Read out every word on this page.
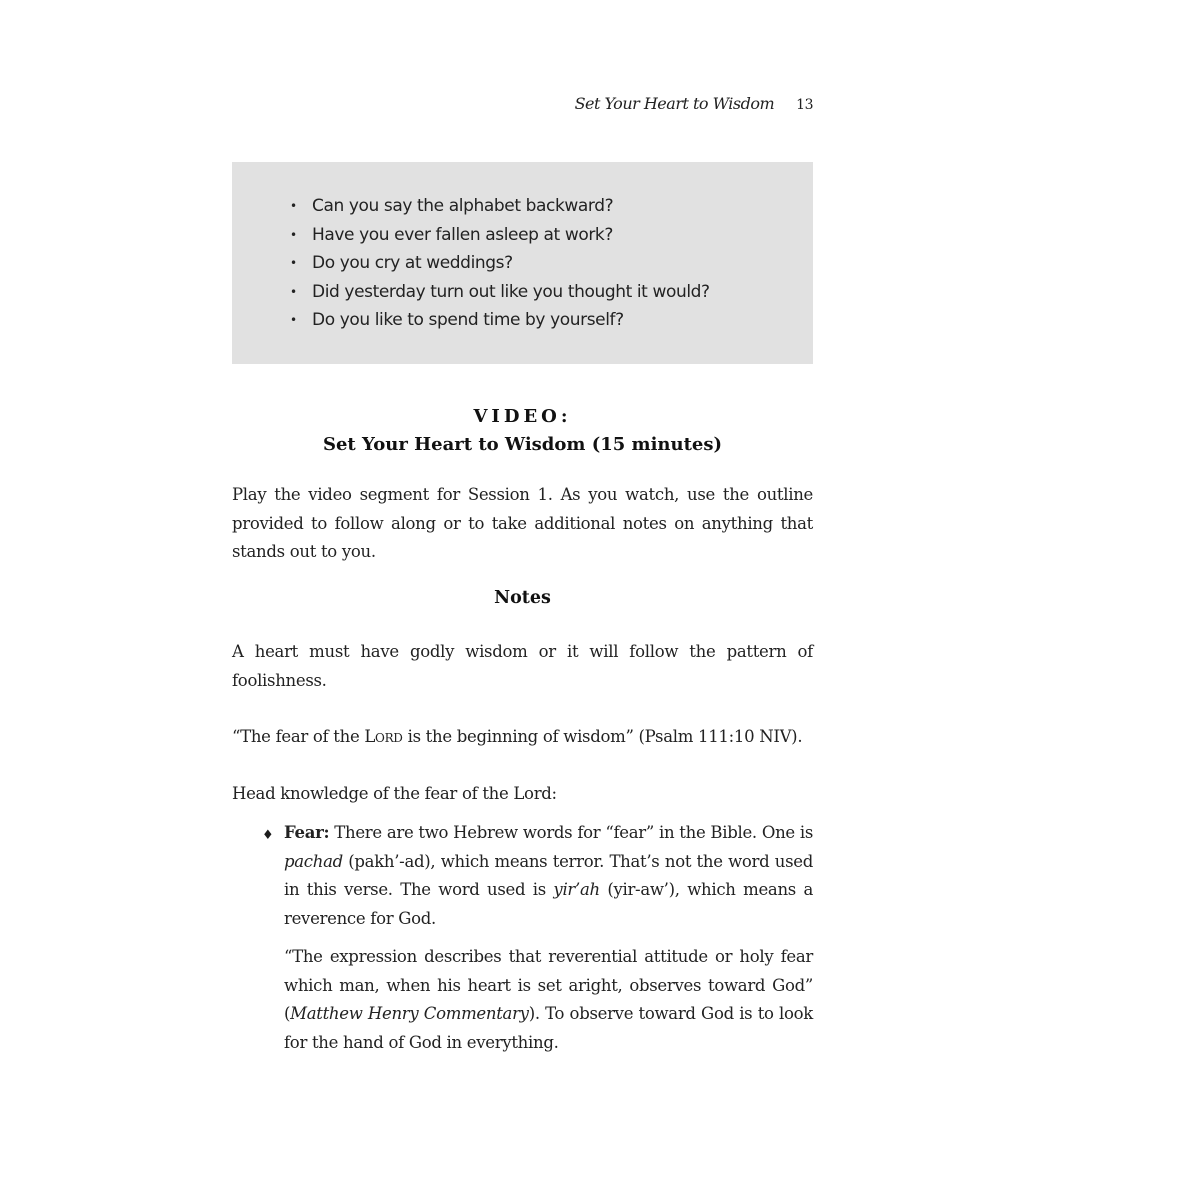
Set Your Heart to Wisdom 13
• Can you say the alphabet backward?
• Have you ever fallen asleep at work?
• Do you cry at weddings?
• Did yesterday turn out like you thought it would?
• Do you like to spend time by yourself?
VIDEO:
Set Your Heart to Wisdom (15 minutes)

Play the video segment for Session 1. As you watch, use the outline provided to follow along or to take additional notes on anything that stands out to you.

Notes

A heart must have godly wisdom or it will follow the pattern of foolishness.

“The fear of the Lord is the beginning of wisdom” (Psalm 111:10 NIV).

Head knowledge of the fear of the Lord:

♦ Fear: There are two Hebrew words for “fear” in the Bible. One is pachad (pakh’-ad), which means terror. That’s not the word used in this verse. The word used is yir’ah (yir-aw’), which means a reverence for God.

“The expression describes that reverential attitude or holy fear which man, when his heart is set aright, observes toward God” (Matthew Henry Commentary). To observe toward God is to look for the hand of God in everything.
